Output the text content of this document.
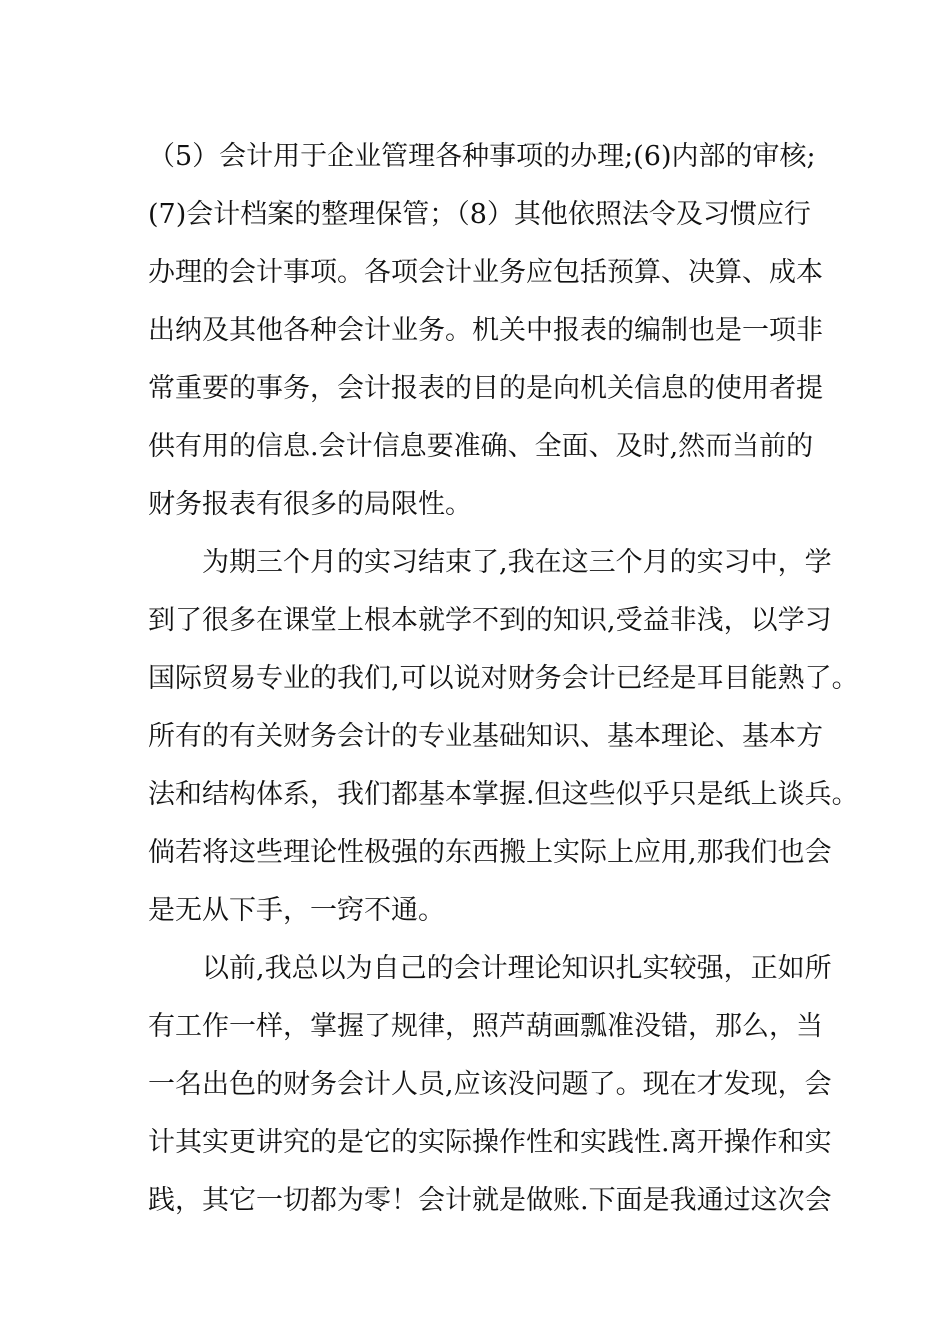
（5）会计用于企业管理各种事项的办理;(6)内部的审核;
(7)会计档案的整理保管；（8）其他依照法令及习惯应行
办理的会计事项。各项会计业务应包括预算、决算、成本
出纳及其他各种会计业务。机关中报表的编制也是一项非
常重要的事务，会计报表的目的是向机关信息的使用者提
供有用的信息.会计信息要准确、全面、及时,然而当前的
财务报表有很多的局限性。
为期三个月的实习结束了,我在这三个月的实习中，学
到了很多在课堂上根本就学不到的知识,受益非浅，以学习
国际贸易专业的我们,可以说对财务会计已经是耳目能熟了。
所有的有关财务会计的专业基础知识、基本理论、基本方
法和结构体系，我们都基本掌握.但这些似乎只是纸上谈兵。
倘若将这些理论性极强的东西搬上实际上应用,那我们也会
是无从下手，一窍不通。
以前,我总以为自己的会计理论知识扎实较强，正如所
有工作一样，掌握了规律，照芦葫画瓢准没错，那么，当
一名出色的财务会计人员,应该没问题了。现在才发现，会
计其实更讲究的是它的实际操作性和实践性.离开操作和实
践，其它一切都为零！会计就是做账.下面是我通过这次会
